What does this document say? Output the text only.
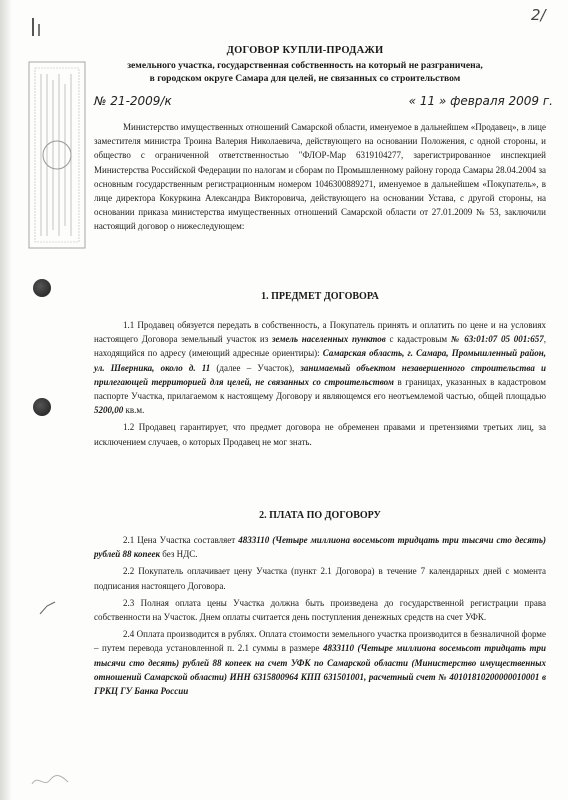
2/
ДОГОВОР КУПЛИ-ПРОДАЖИ
земельного участка, государственная собственность на который не разграничена,
в городском округе Самара для целей, не связанных со строительством
№ 21-2009/к	« 11 » февраля 2009 г.

Министерство имущественных отношений Самарской области, именуемое в дальнейшем «Продавец», в лице заместителя министра Троина Валерия Николаевича, действующего на основании Положения, с одной стороны, и общество с ограниченной ответственностью "ФЛОР-Мар 6319104277, зарегистрированное инспекцией Министерства Российской Федерации по налогам и сборам по Промышленному району города Самары 28.04.2004 за основным государственным регистрационным номером 1046300889271, именуемое в дальнейшем «Покупатель», в лице директора Кокуркина Александра Викторовича, действующего на основании Устава, с другой стороны, на основании приказа министерства имущественных отношений Самарской области от 27.01.2009 № 53, заключили настоящий договор о нижеследующем:

1. ПРЕДМЕТ ДОГОВОРА

1.1 Продавец обязуется передать в собственность, а Покупатель принять и оплатить по цене и на условиях настоящего Договора земельный участок из земель населенных пунктов с кадастровым № 63:01:07 05 001:657, находящийся по адресу (имеющий адресные ориентиры): Самарская область, г. Самара, Промышленный район, ул. Шверника, около д. 11 (далее – Участок), занимаемый объектом незавершенного строительства и прилегающей территорией для целей, не связанных со строительством в границах, указанных в кадастровом паспорте Участка, прилагаемом к настоящему Договору и являющемся его неотъемлемой частью, общей площадью 5200,00 кв.м.

1.2 Продавец гарантирует, что предмет договора не обременен правами и претензиями третьих лиц, за исключением случаев, о которых Продавец не мог знать.

2. ПЛАТА ПО ДОГОВОРУ

2.1 Цена Участка составляет 4833110 (Четыре миллиона восемьсот тридцать три тысячи сто десять) рублей 88 копеек без НДС.

2.2 Покупатель оплачивает цену Участка (пункт 2.1 Договора) в течение 7 календарных дней с момента подписания настоящего Договора.

2.3 Полная оплата цены Участка должна быть произведена до государственной регистрации права собственности на Участок. Днем оплаты считается день поступления денежных средств на счет УФК.

2.4 Оплата производится в рублях. Оплата стоимости земельного участка производится в безналичной форме – путем перевода установленной п. 2.1 суммы в размере 4833110 (Четыре миллиона восемьсот тридцать три тысячи сто десять) рублей 88 копеек на счет УФК по Самарской области (Министерство имущественных отношений Самарской области) ИНН 6315800964 КПП 631501001, расчетный счет № 40101810200000010001 в ГРКЦ ГУ Банка России
